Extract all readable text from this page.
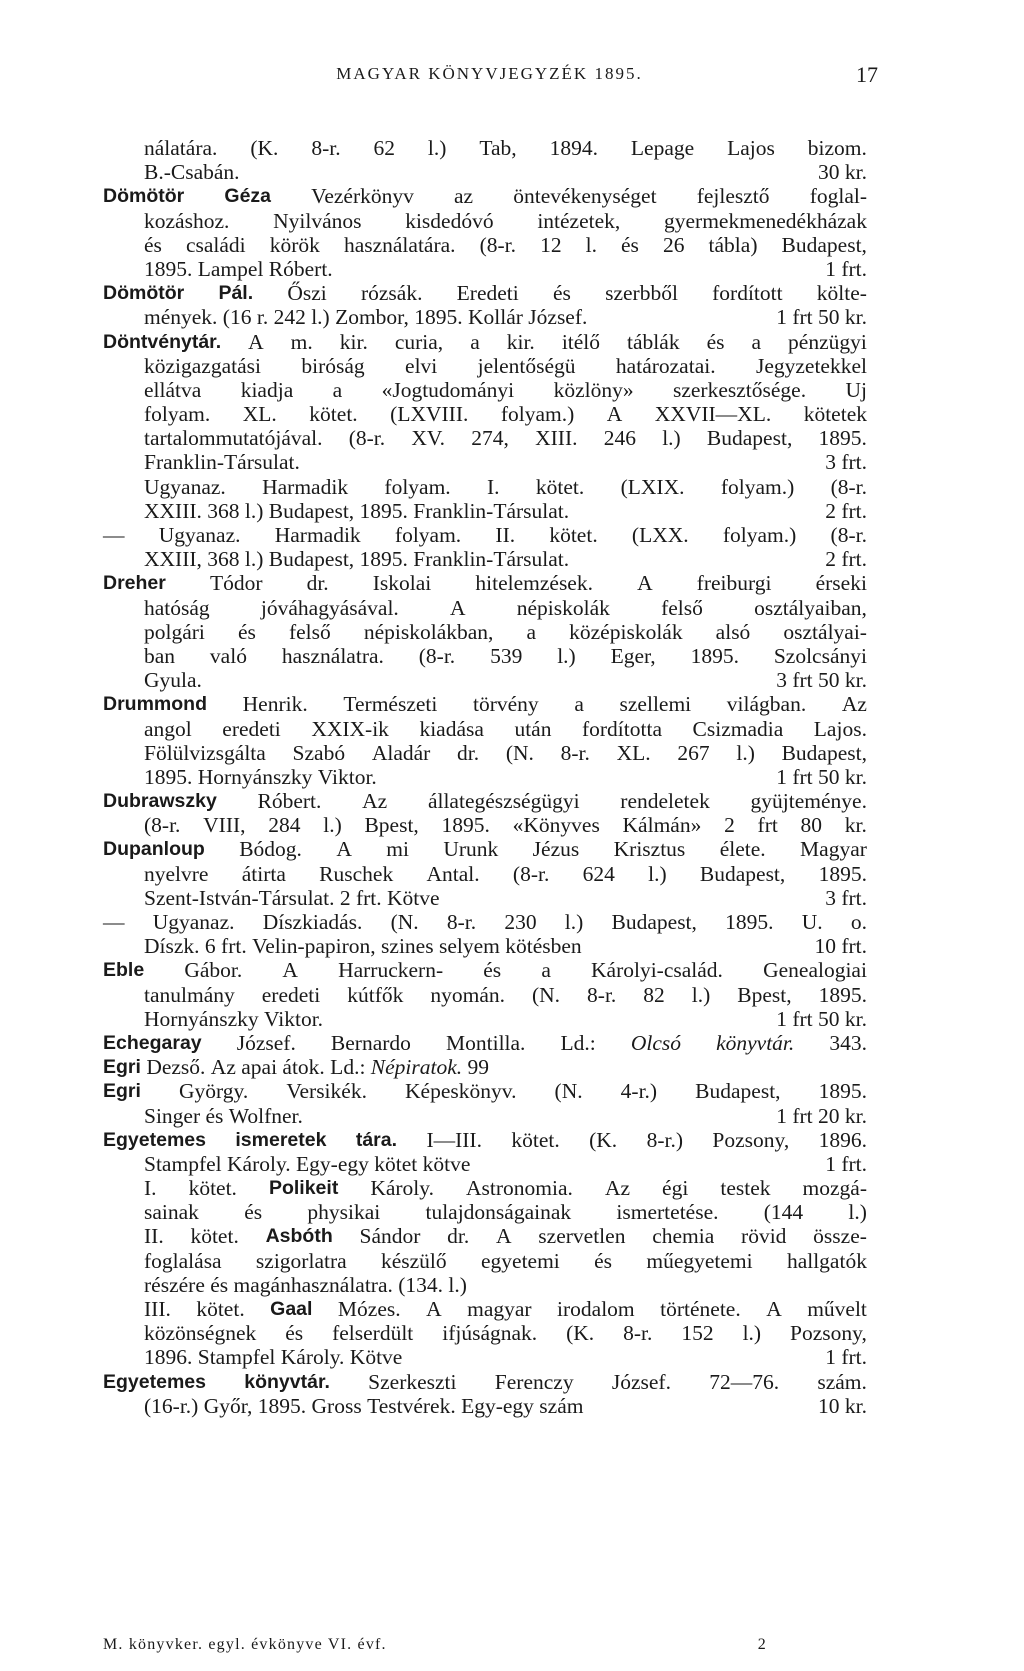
MAGYAR KÖNYVJEGYZÉK 1895.	17
nálatára. (K. 8-r. 62 l.) Tab, 1894. Lepage Lajos bizom.
B.-Csabán.	30 kr.
Dömötör Géza Vezérkönyv az öntevékenységet fejlesztő foglal-
kozáshoz. Nyilvános kisdedóvó intézetek, gyermekmenedékházak
és családi körök használatára. (8-r. 12 l. és 26 tábla) Budapest,
1895. Lampel Róbert.	1 frt.
Dömötör Pál. Őszi rózsák. Eredeti és szerbből fordított költe-
mények. (16 r. 242 l.) Zombor, 1895. Kollár József.	1 frt 50 kr.
Döntvénytár. A m. kir. curia, a kir. itélő táblák és a pénzügyi
közigazgatási biróság elvi jelentőségü határozatai. Jegyzetekkel
ellátva kiadja a «Jogtudományi közlöny» szerkesztősége. Uj
folyam. XL. kötet. (LXVIII. folyam.) A XXVII—XL. kötetek
tartalommutatójával. (8-r. XV. 274, XIII. 246 l.) Budapest, 1895.
Franklin-Társulat.	3 frt.
Ugyanaz. Harmadik folyam. I. kötet. (LXIX. folyam.) (8-r.
XXIII. 368 l.) Budapest, 1895. Franklin-Társulat.	2 frt.
— Ugyanaz. Harmadik folyam. II. kötet. (LXX. folyam.) (8-r.
XXIII, 368 l.) Budapest, 1895. Franklin-Társulat.	2 frt.
Dreher Tódor dr. Iskolai hitelemzések. A freiburgi érseki
hatóság jóváhagyásával. A népiskolák felső osztályaiban,
polgári és felső népiskolákban, a középiskolák alsó osztályai-
ban való használatra. (8-r. 539 l.) Eger, 1895. Szolcsányi
Gyula.	3 frt 50 kr.
Drummond Henrik. Természeti törvény a szellemi világban. Az
angol eredeti XXIX-ik kiadása után fordította Csizmadia Lajos.
Fölülvizsgálta Szabó Aladár dr. (N. 8-r. XL. 267 l.) Budapest,
1895. Hornyánszky Viktor.	1 frt 50 kr.
Dubrawszky Róbert. Az állategészségügyi rendeletek gyüjteménye.
(8-r. VIII, 284 l.) Bpest, 1895. «Könyves Kálmán» 2 frt 80 kr.
Dupanloup Bódog. A mi Urunk Jézus Krisztus élete. Magyar
nyelvre átirta Ruschek Antal. (8-r. 624 l.) Budapest, 1895.
Szent-István-Társulat. 2 frt. Kötve	3 frt.
— Ugyanaz. Díszkiadás. (N. 8-r. 230 l.) Budapest, 1895. U. o.
Díszk. 6 frt. Velin-papiron, szines selyem kötésben	10 frt.
Eble Gábor. A Harruckern- és a Károlyi-család. Genealogiai
tanulmány eredeti kútfők nyomán. (N. 8-r. 82 l.) Bpest, 1895.
Hornyánszky Viktor.	1 frt 50 kr.
Echegaray József. Bernardo Montilla. Ld.: Olcsó könyvtár. 343.
Egri Dezső. Az apai átok. Ld.: Népiratok. 99
Egri György. Versikék. Képeskönyv. (N. 4-r.) Budapest, 1895.
Singer és Wolfner.	1 frt 20 kr.
Egyetemes ismeretek tára. I—III. kötet. (K. 8-r.) Pozsony, 1896.
Stampfel Károly. Egy-egy kötet kötve	1 frt.
I. kötet. Polikeit Károly. Astronomia. Az égi testek mozgá-
sainak és physikai tulajdonságainak ismertetése. (144 l.)
II. kötet. Asbóth Sándor dr. A szervetlen chemia rövid össze-
foglalása szigorlatra készülő egyetemi és műegyetemi hallgatók
részére és magánhasználatra. (134. l.)
III. kötet. Gaal Mózes. A magyar irodalom története. A művelt
közönségnek és felserdült ifjúságnak. (K. 8-r. 152 l.) Pozsony,
1896. Stampfel Károly. Kötve	1 frt.
Egyetemes könyvtár. Szerkeszti Ferenczy József. 72—76. szám.
(16-r.) Győr, 1895. Gross Testvérek. Egy-egy szám	10 kr.
M. könyvker. egyl. évkönyve VI. évf.	2
